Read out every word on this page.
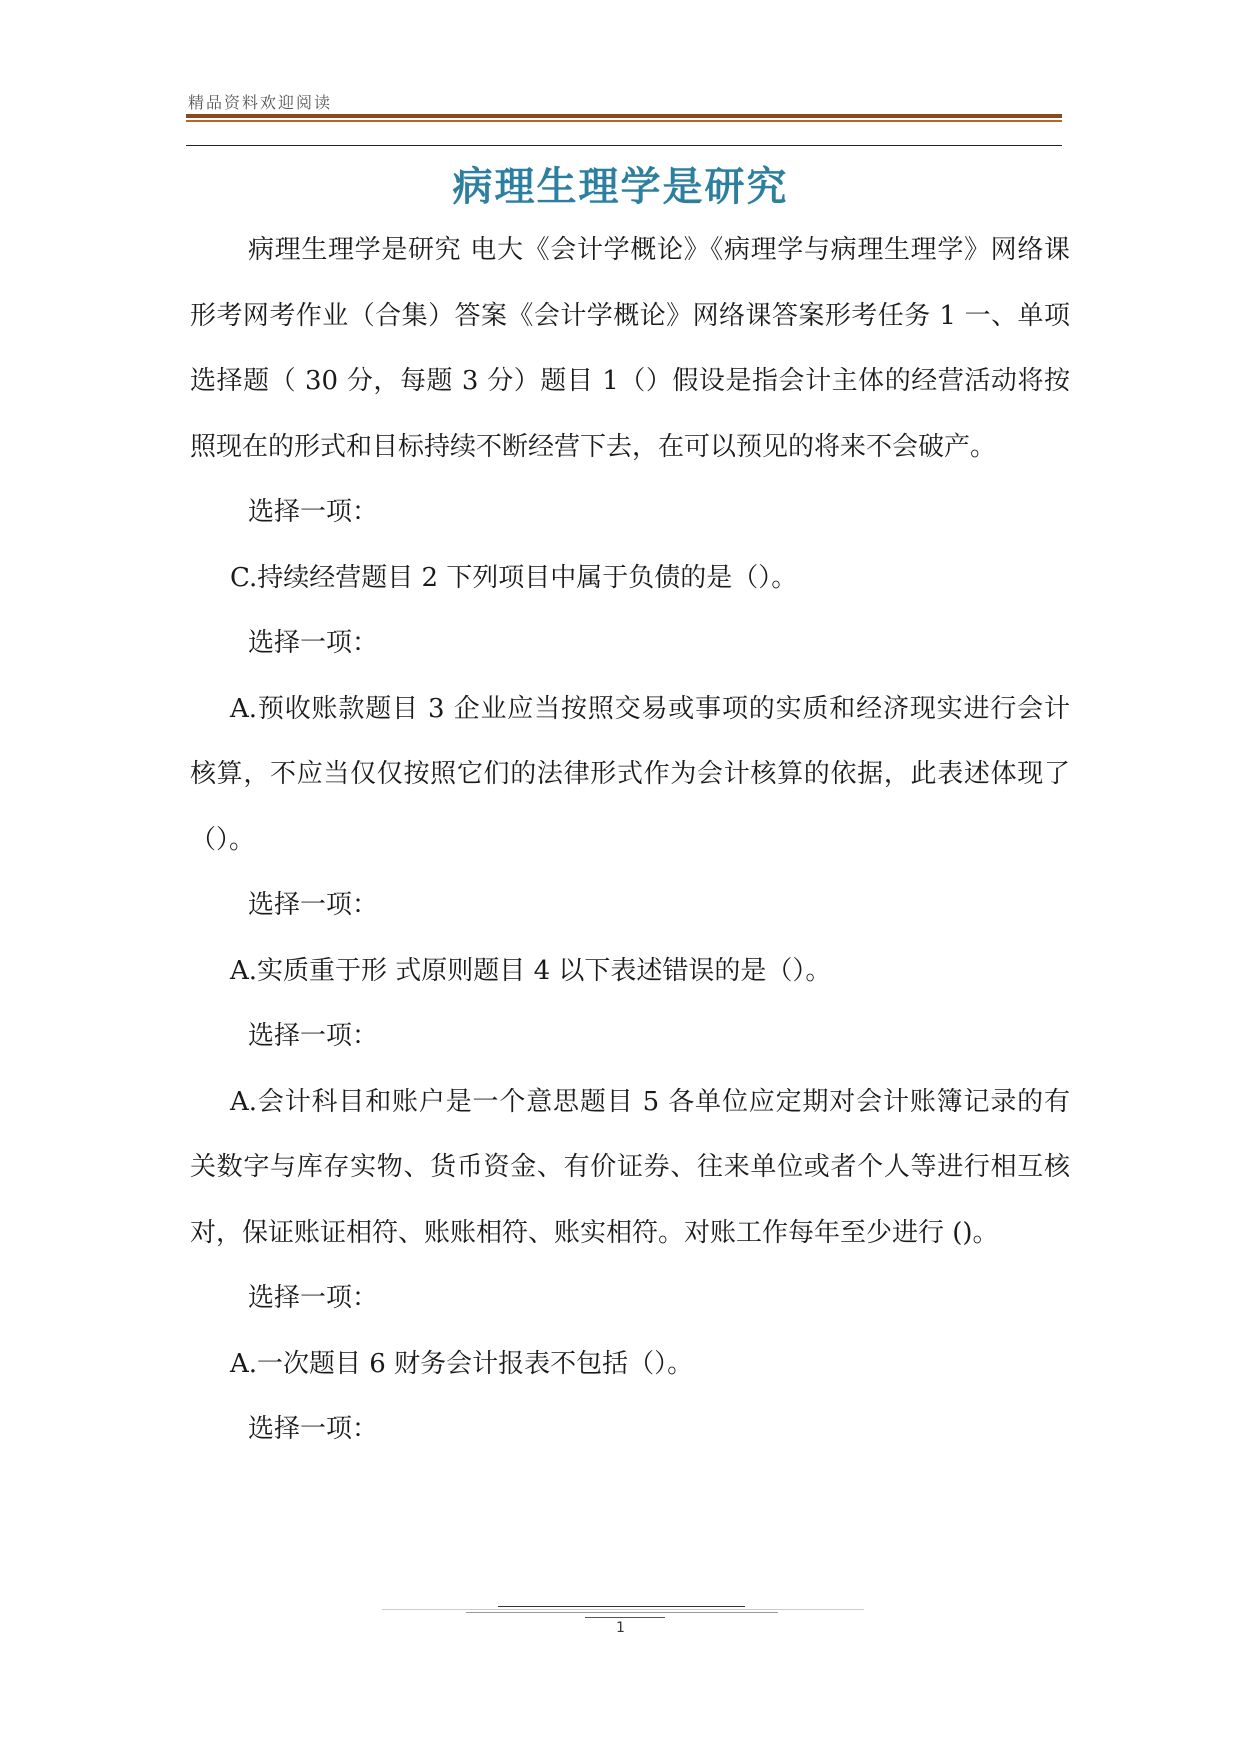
精品资料欢迎阅读
病理生理学是研究

病理生理学是研究 电大《会计学概论》《病理学与病理生理学》网络课形考网考作业（合集）答案《会计学概论》网络课答案形考任务 1 一、单项选择题（ 30 分，每题 3 分）题目 1（）假设是指会计主体的经营活动将按照现在的形式和目标持续不断经营下去，在可以预见的将来不会破产。

选择一项：

C.持续经营题目 2 下列项目中属于负债的是（）。

选择一项：

A.预收账款题目 3 企业应当按照交易或事项的实质和经济现实进行会计核算，不应当仅仅按照它们的法律形式作为会计核算的依据，此表述体现了（）。

选择一项：

A.实质重于形 式原则题目 4 以下表述错误的是（）。

选择一项：

A.会计科目和账户是一个意思题目 5 各单位应定期对会计账簿记录的有关数字与库存实物、货币资金、有价证券、往来单位或者个人等进行相互核对，保证账证相符、账账相符、账实相符。对账工作每年至少进行 ()。

选择一项：

A.一次题目 6 财务会计报表不包括（）。

选择一项：

1
